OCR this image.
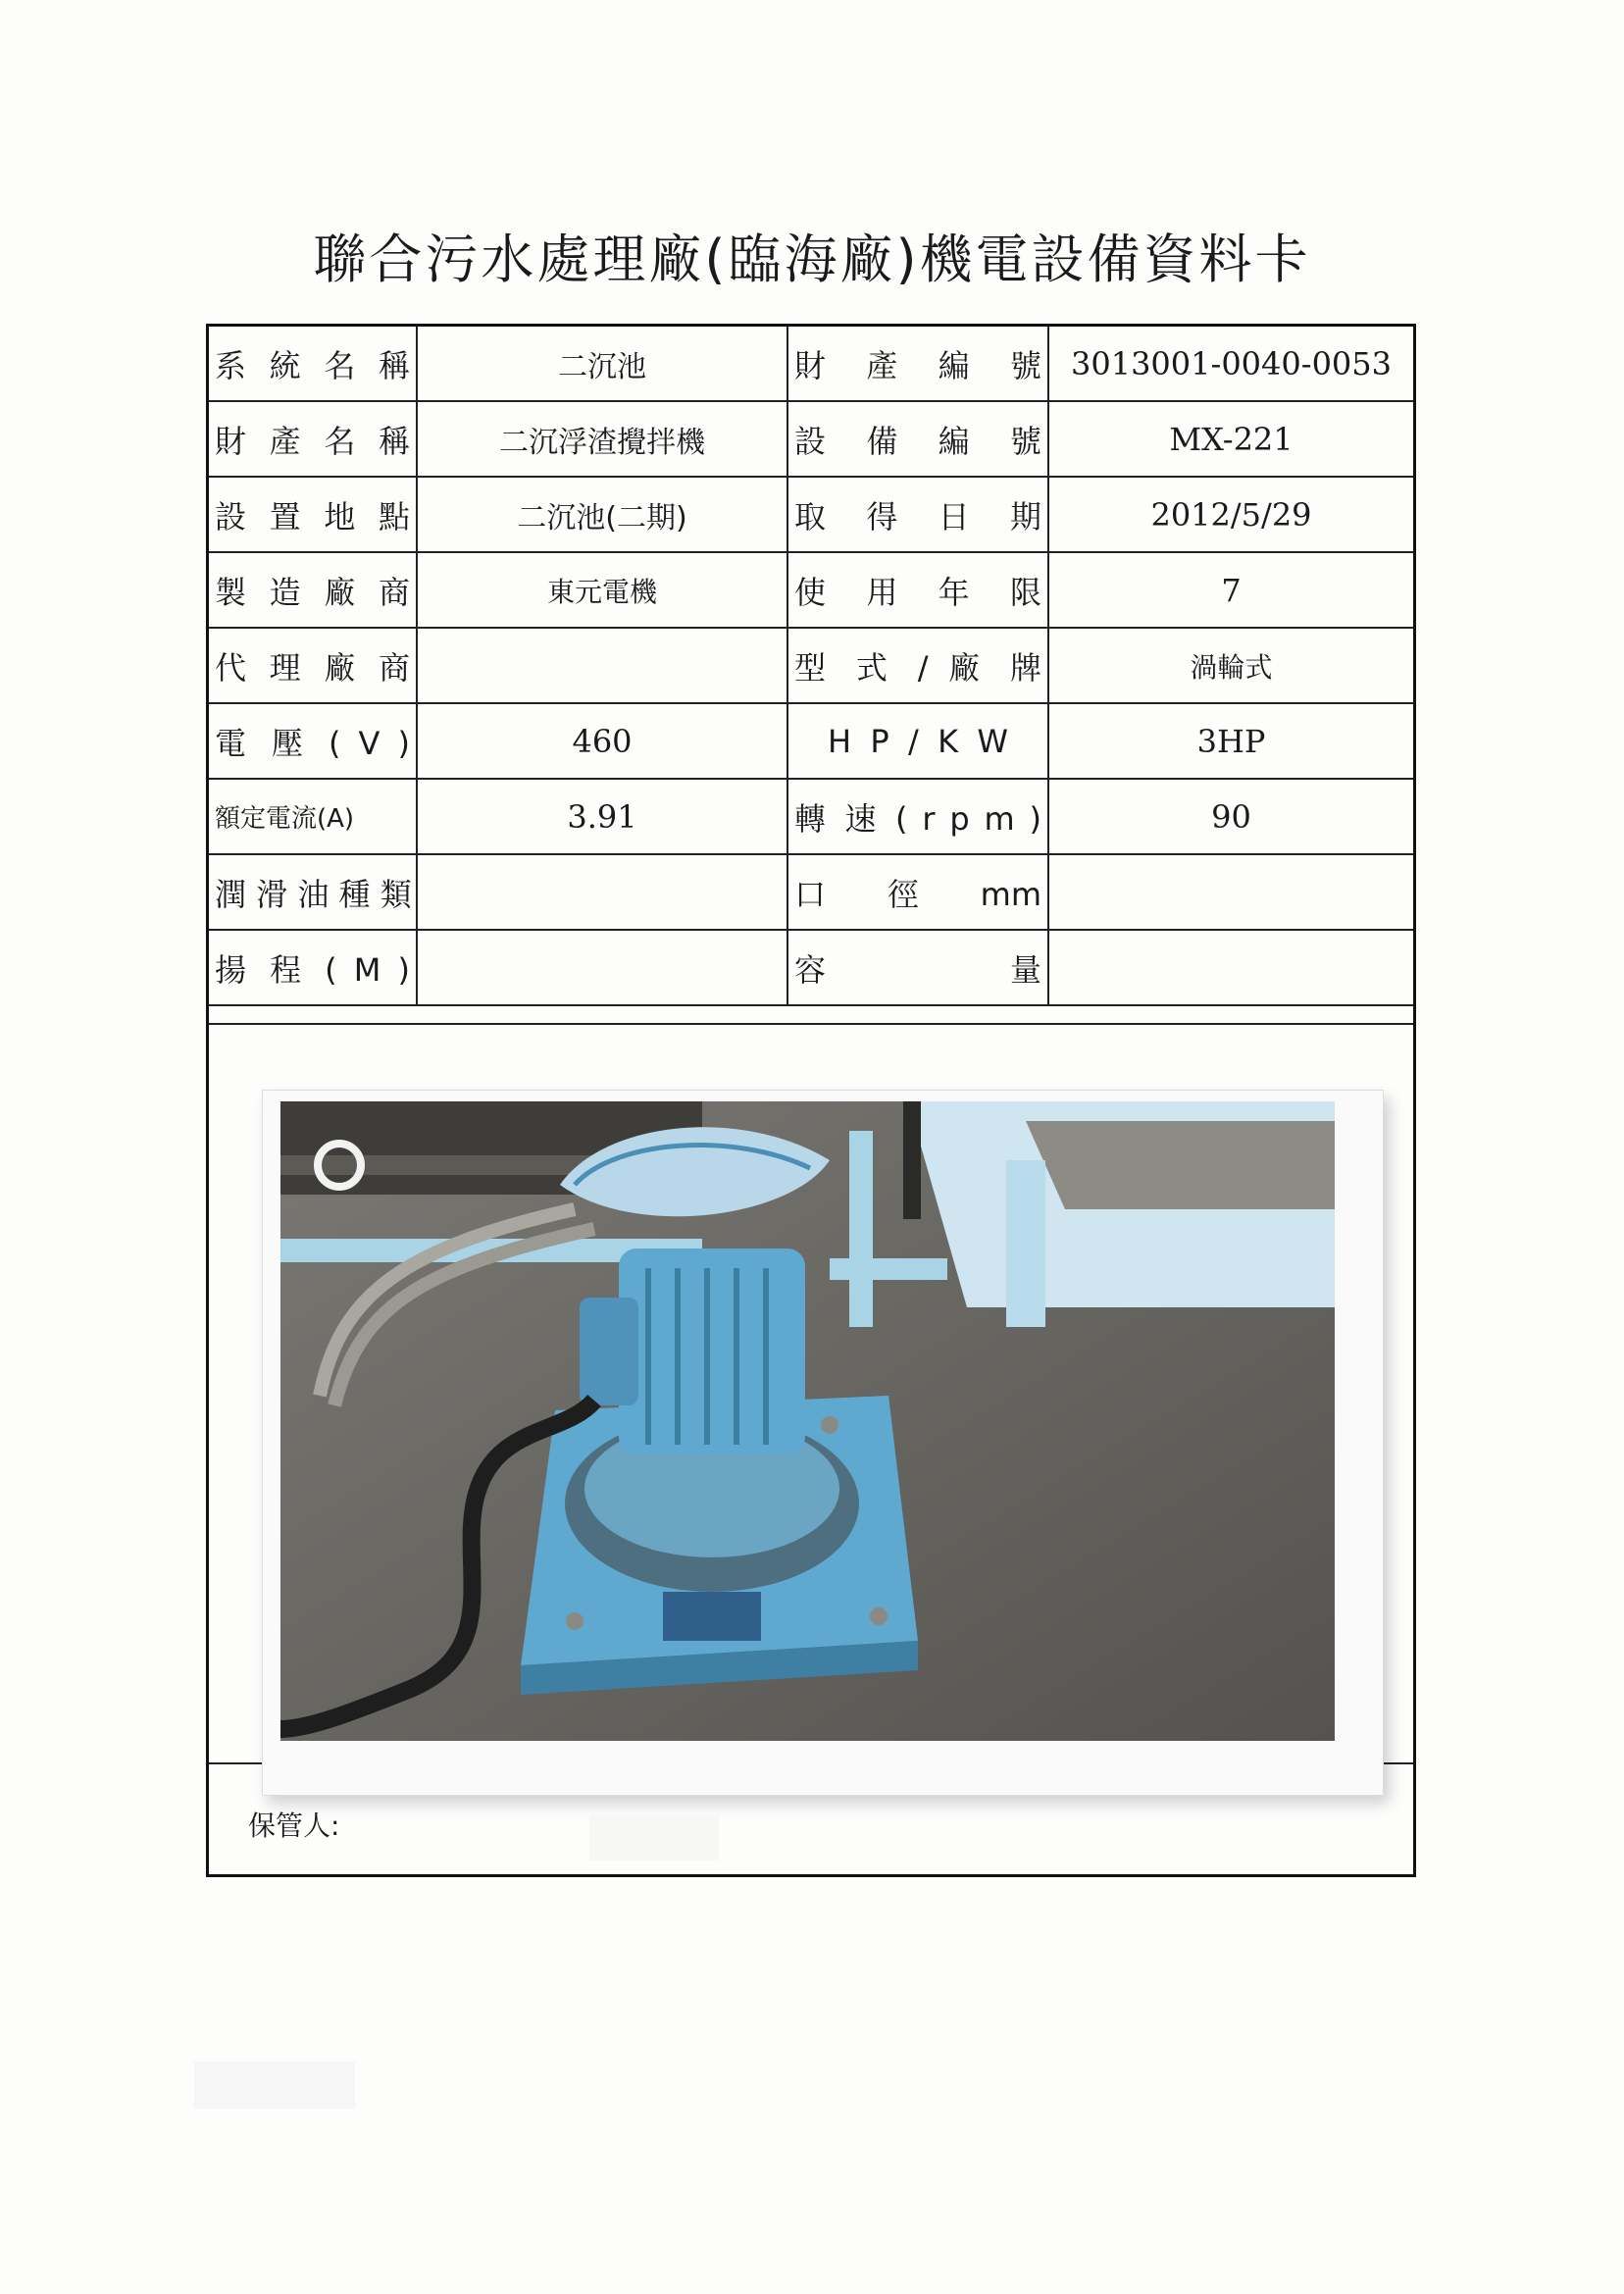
聯合污水處理廠(臨海廠)機電設備資料卡
系 統 名 稱	二沉池	財 產 編 號	3013001-0040-0053
財 產 名 稱	二沉浮渣攪拌機	設 備 編 號	MX-221
設 置 地 點	二沉池(二期)	取 得 日 期	2012/5/29
製 造 廠 商	東元電機	使 用 年 限	7
代 理 廠 商		型 式 / 廠 牌	渦輪式
電 壓 ( V )	460	H P / K W	3HP
額定電流(A)	3.91	轉 速 ( r p m )	90
潤 滑 油 種 類		口 徑 mm	
揚 程 ( M )		容 量	
保管人:
